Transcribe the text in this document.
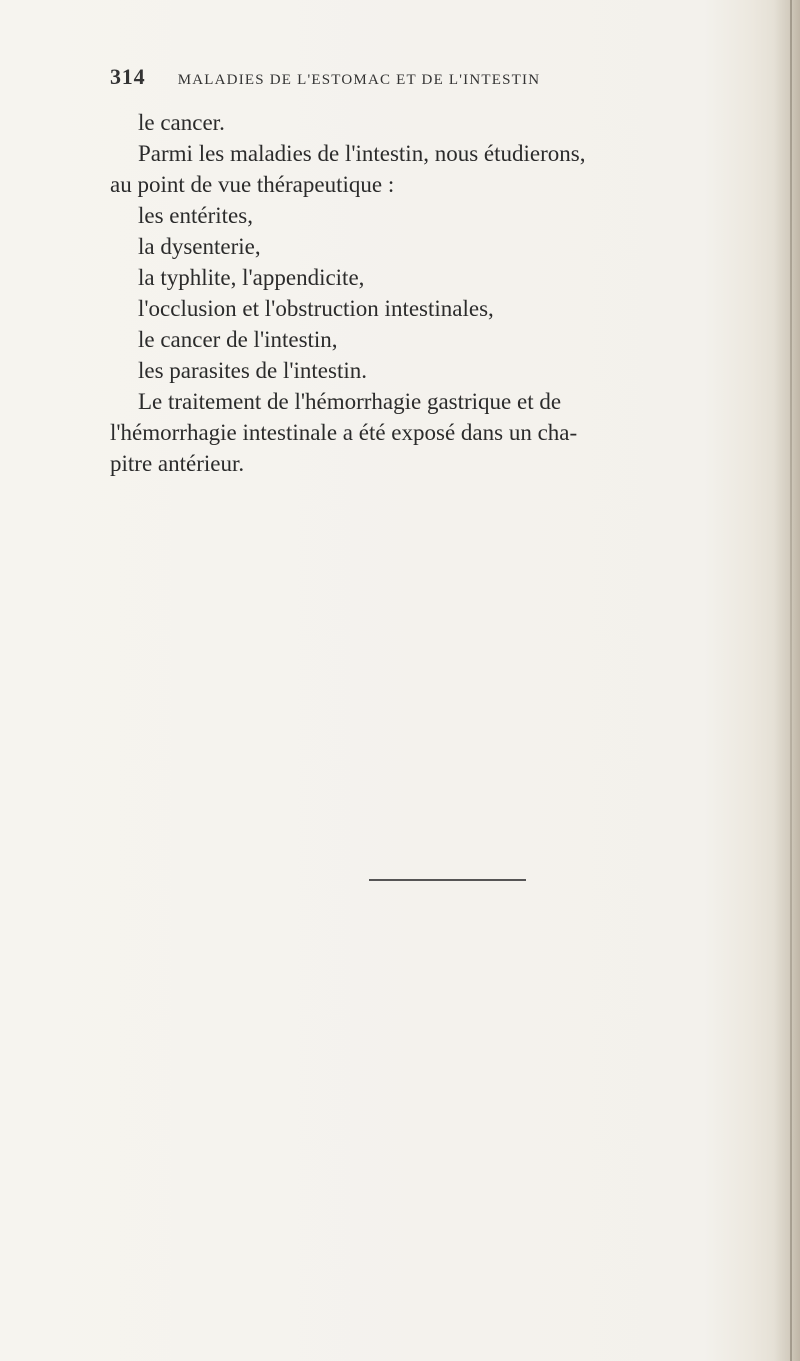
314 MALADIES DE L'ESTOMAC ET DE L'INTESTIN
le cancer.
Parmi les maladies de l'intestin, nous étudierons,
au point de vue thérapeutique :
les entérites,
la dysenterie,
la typhlite, l'appendicite,
l'occlusion et l'obstruction intestinales,
le cancer de l'intestin,
les parasites de l'intestin.
Le traitement de l'hémorrhagie gastrique et de
l'hémorrhagie intestinale a été exposé dans un cha-
pitre antérieur.
